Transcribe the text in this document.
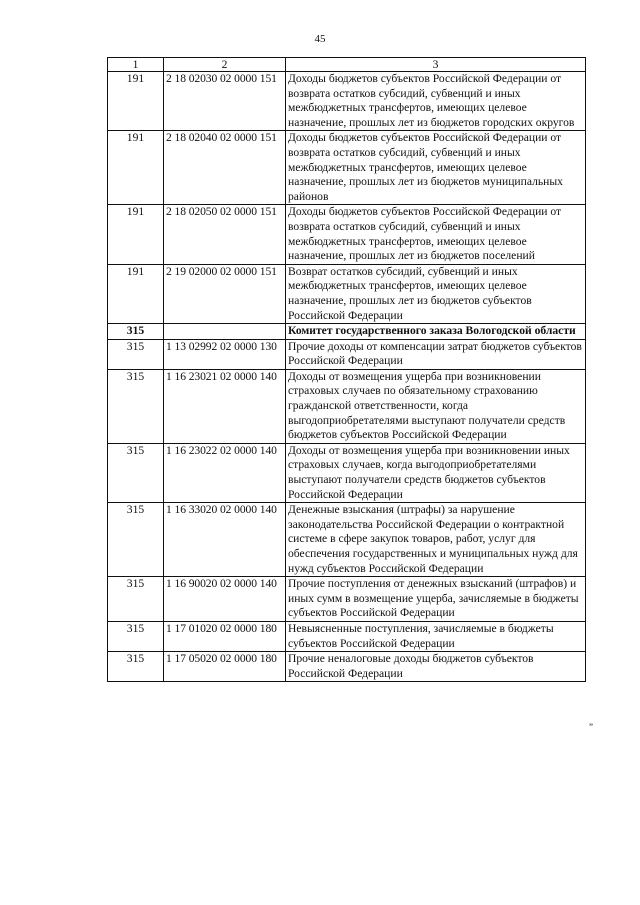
45
1	2	3
191	2 18 02030 02 0000 151	Доходы бюджетов субъектов Российской Федерации от возврата остатков субсидий, субвенций и иных межбюджетных трансфертов, имеющих целевое назначение, прошлых лет из бюджетов городских округов
191	2 18 02040 02 0000 151	Доходы бюджетов субъектов Российской Федерации от возврата остатков субсидий, субвенций и иных межбюджетных трансфертов, имеющих целевое назначение, прошлых лет из бюджетов муниципальных районов
191	2 18 02050 02 0000 151	Доходы бюджетов субъектов Российской Федерации от возврата остатков субсидий, субвенций и иных межбюджетных трансфертов, имеющих целевое назначение, прошлых лет из бюджетов поселений
191	2 19 02000 02 0000 151	Возврат остатков субсидий, субвенций и иных межбюджетных трансфертов, имеющих целевое назначение, прошлых лет из бюджетов субъектов Российской Федерации
315		Комитет государственного заказа Вологодской области
315	1 13 02992 02 0000 130	Прочие доходы от компенсации затрат бюджетов субъектов Российской Федерации
315	1 16 23021 02 0000 140	Доходы от возмещения ущерба при возникновении страховых случаев по обязательному страхованию гражданской ответственности, когда выгодоприобретателями выступают получатели средств бюджетов субъектов Российской Федерации
315	1 16 23022 02 0000 140	Доходы от возмещения ущерба при возникновении иных страховых случаев, когда выгодоприобретателями выступают получатели средств бюджетов субъектов Российской Федерации
315	1 16 33020 02 0000 140	Денежные взыскания (штрафы) за нарушение законодательства Российской Федерации о контрактной системе в сфере закупок товаров, работ, услуг для обеспечения государственных и муниципальных нужд для нужд субъектов Российской Федерации
315	1 16 90020 02 0000 140	Прочие поступления от денежных взысканий (штрафов) и иных сумм в возмещение ущерба, зачисляемые в бюджеты субъектов Российской Федерации
315	1 17 01020 02 0000 180	Невыясненные поступления, зачисляемые в бюджеты субъектов Российской Федерации
315	1 17 05020 02 0000 180	Прочие неналоговые доходы бюджетов субъектов Российской Федерации
”
